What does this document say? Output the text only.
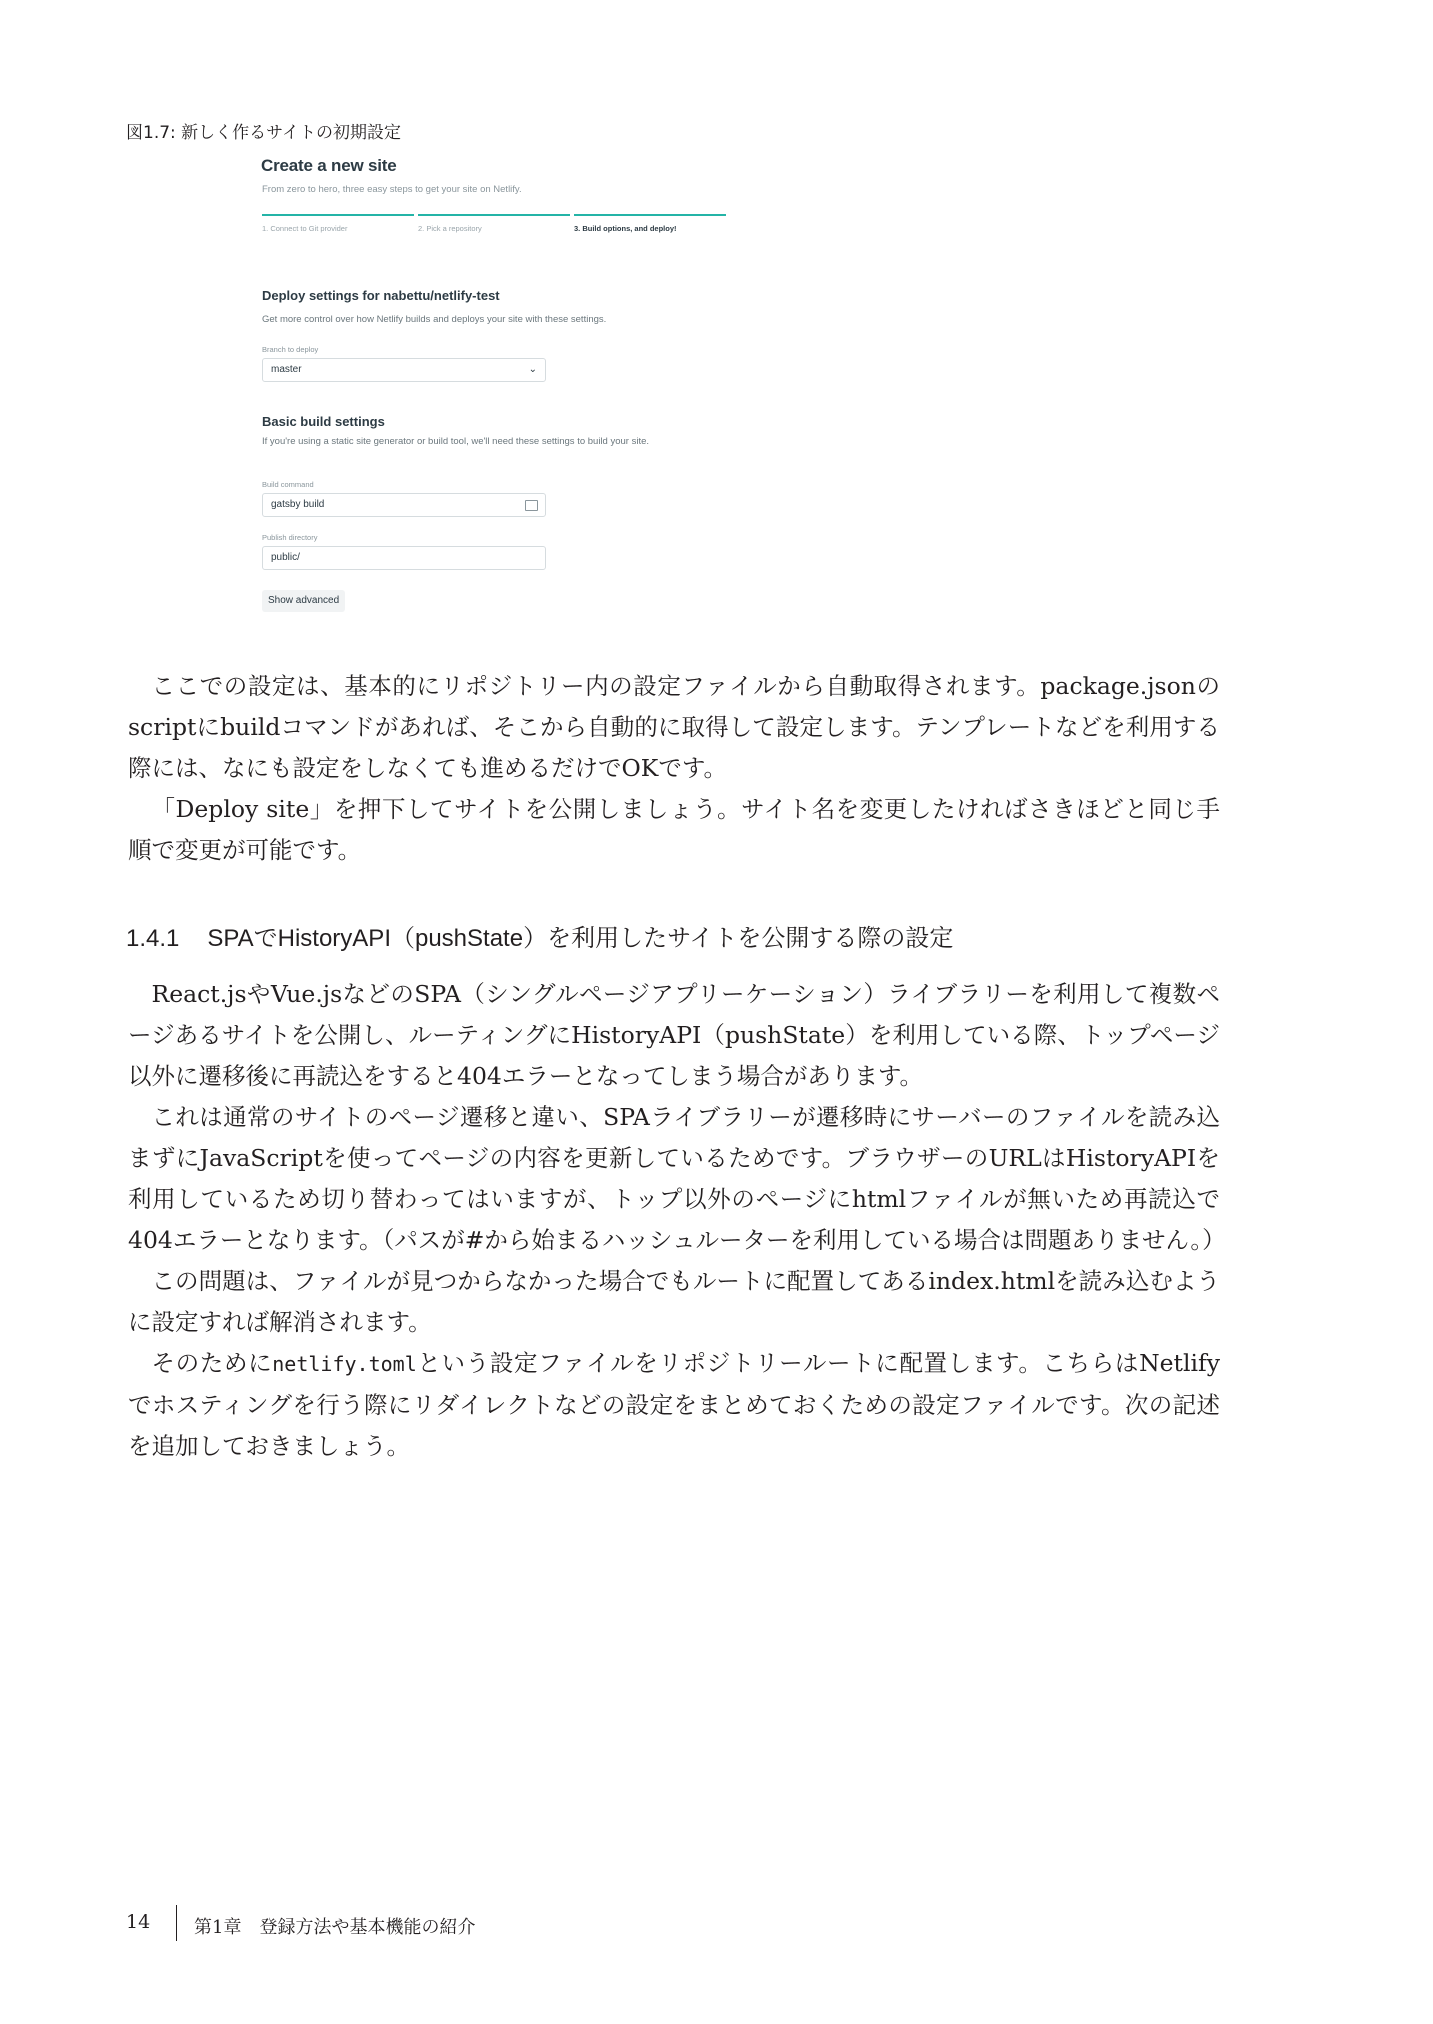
図1.7: 新しく作るサイトの初期設定
Create a new site
From zero to hero, three easy steps to get your site on Netlify.
1. Connect to Git provider	2. Pick a repository	3. Build options, and deploy!
Deploy settings for nabettu/netlify-test
Get more control over how Netlify builds and deploys your site with these settings.
Branch to deploy
master	⌄
Basic build settings
If you're using a static site generator or build tool, we'll need these settings to build your site.
Build command
gatsby build
Publish directory
public/
Show advanced

ここでの設定は、基本的にリポジトリー内の設定ファイルから自動取得されます。package.jsonのscriptにbuildコマンドがあれば、そこから自動的に取得して設定します。テンプレートなどを利用する際には、なにも設定をしなくても進めるだけでOKです。

「Deploy site」を押下してサイトを公開しましょう。サイト名を変更したければさきほどと同じ手順で変更が可能です。

1.4.1 SPAでHistoryAPI（pushState）を利用したサイトを公開する際の設定

React.jsやVue.jsなどのSPA（シングルページアプリーケーション）ライブラリーを利用して複数ページあるサイトを公開し、ルーティングにHistoryAPI（pushState）を利用している際、トップページ以外に遷移後に再読込をすると404エラーとなってしまう場合があります。

これは通常のサイトのページ遷移と違い、SPAライブラリーが遷移時にサーバーのファイルを読み込まずにJavaScriptを使ってページの内容を更新しているためです。ブラウザーのURLはHistoryAPIを利用しているため切り替わってはいますが、トップ以外のページにhtmlファイルが無いため再読込で404エラーとなります。（パスが#から始まるハッシュルーターを利用している場合は問題ありません。）

この問題は、ファイルが見つからなかった場合でもルートに配置してあるindex.htmlを読み込むように設定すれば解消されます。

そのためにnetlify.tomlという設定ファイルをリポジトリールートに配置します。こちらはNetlifyでホスティングを行う際にリダイレクトなどの設定をまとめておくための設定ファイルです。次の記述を追加しておきましょう。

14 第1章　登録方法や基本機能の紹介
